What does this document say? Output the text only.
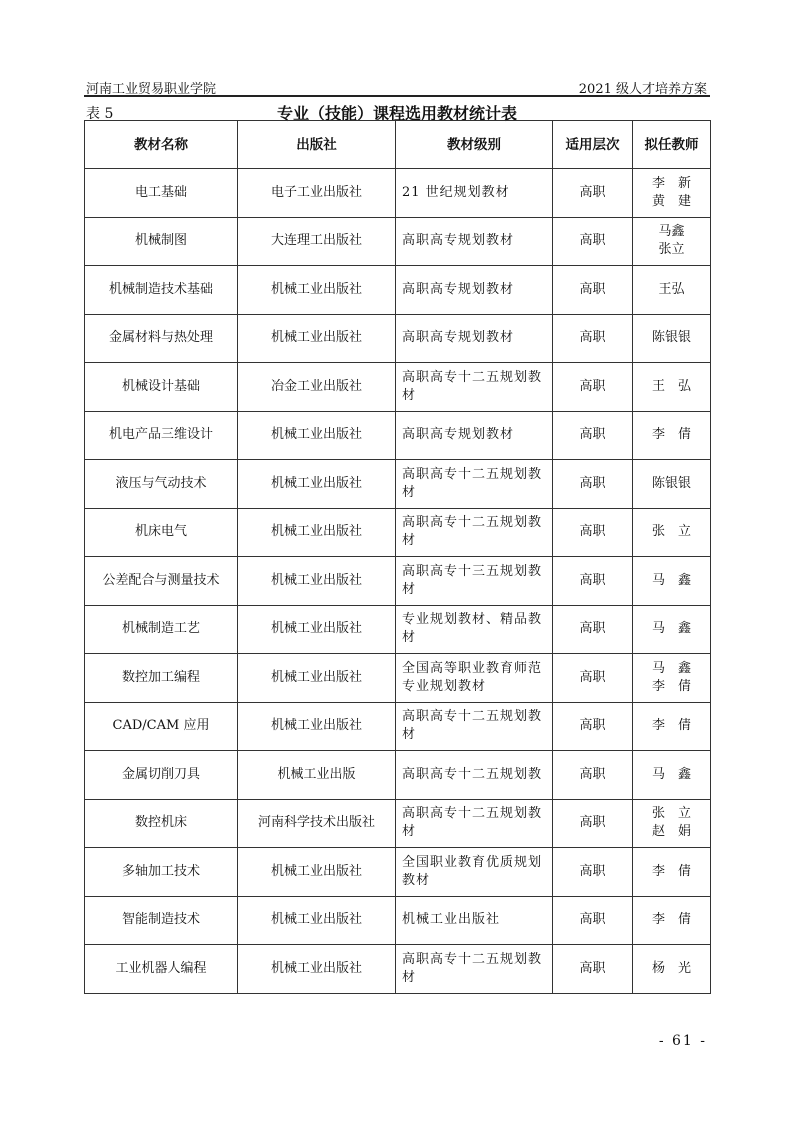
河南工业贸易职业学院	2021 级人才培养方案
表 5	专业（技能）课程选用教材统计表
教材名称	出版社	教材级别	适用层次	拟任教师
电工基础	电子工业出版社	21 世纪规划教材	高职	李　新
黄　建

机械制图	大连理工出版社	高职高专规划教材	高职	马鑫
张立

机械制造技术基础	机械工业出版社	高职高专规划教材	高职	王弘

金属材料与热处理	机械工业出版社	高职高专规划教材	高职	陈银银

机械设计基础	冶金工业出版社	高职高专十二五规划教材	高职	王　弘

机电产品三维设计	机械工业出版社	高职高专规划教材	高职	李　倩

液压与气动技术	机械工业出版社	高职高专十二五规划教材	高职	陈银银

机床电气	机械工业出版社	高职高专十二五规划教材	高职	张　立

公差配合与测量技术	机械工业出版社	高职高专十三五规划教材	高职	马　鑫

机械制造工艺	机械工业出版社	专业规划教材、精品教材	高职	马　鑫

数控加工编程	机械工业出版社	全国高等职业教育师范专业规划教材	高职	马　鑫
李　倩

CAD/CAM 应用	机械工业出版社	高职高专十二五规划教材	高职	李　倩

金属切削刀具	机械工业出版	高职高专十二五规划教	高职	马　鑫

数控机床	河南科学技术出版社	高职高专十二五规划教材	高职	张　立
赵　娟

多轴加工技术	机械工业出版社	全国职业教育优质规划教材	高职	李　倩

智能制造技术	机械工业出版社	机械工业出版社	高职	李　倩

工业机器人编程	机械工业出版社	高职高专十二五规划教材	高职	杨　光
- 61 -
